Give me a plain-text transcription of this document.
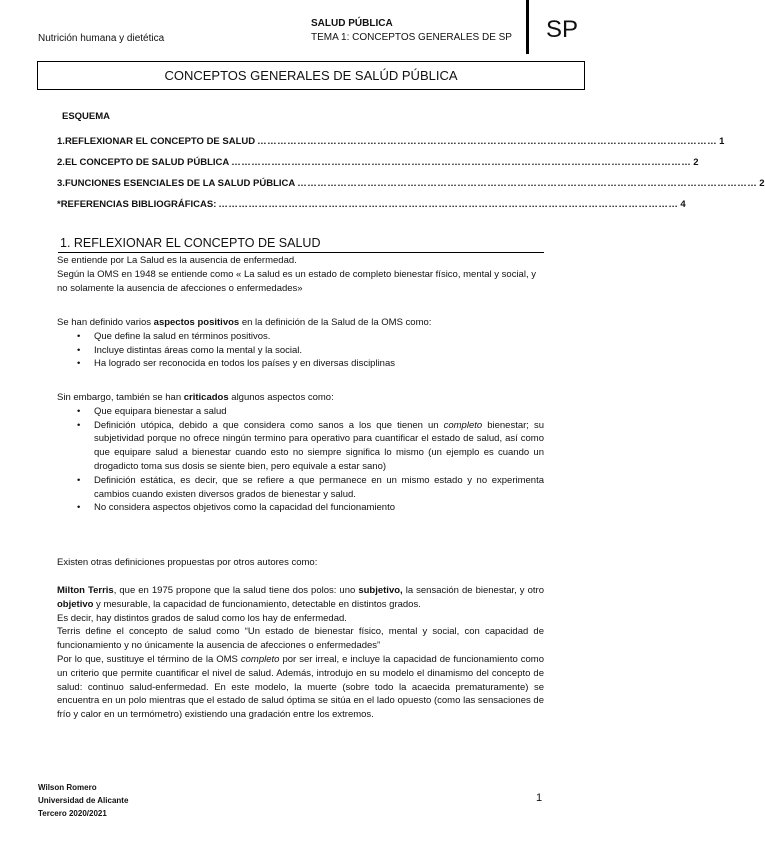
Nutrición humana y dietética
SALUD PÚBLICA
TEMA 1: CONCEPTOS GENERALES DE SP SP
CONCEPTOS GENERALES DE SALÚD PÚBLICA
ESQUEMA
1. REFLEXIONAR EL CONCEPTO DE SALUD ………………………………………………………………………………………………………………………… 1
2. EL CONCEPTO DE SALUD PÚBLICA ………………………………………………………………………………………………………………………… 2
3. FUNCIONES ESENCIALES DE LA SALUD PÚBLICA ………………………………………………………………………………………………………………………… 2
*REFERENCIAS BIBLIOGRÁFICAS: ………………………………………………………………………………………………………………………… 4
1. REFLEXIONAR EL CONCEPTO DE SALUD
Se entiende por La Salud es la ausencia de enfermedad.
Según la OMS en 1948 se entiende como « La salud es un estado de completo bienestar físico, mental y social, y no solamente la ausencia de afecciones o enfermedades»
Se han definido varios aspectos positivos en la definición de la Salud de la OMS como:
• Que define la salud en términos positivos.
• Incluye distintas áreas como la mental y la social.
• Ha logrado ser reconocida en todos los países y en diversas disciplinas
Sin embargo, también se han criticados algunos aspectos como:
• Que equipara bienestar a salud
• Definición utópica, debido a que considera como sanos a los que tienen un completo bienestar; su subjetividad porque no ofrece ningún termino para operativo para cuantificar el estado de salud, así como que equipare salud a bienestar cuando esto no siempre significa lo mismo (un ejemplo es cuando un drogadicto toma sus dosis se siente bien, pero equivale a estar sano)
• Definición estática, es decir, que se refiere a que permanece en un mismo estado y no experimenta cambios cuando existen diversos grados de bienestar y salud.
• No considera aspectos objetivos como la capacidad del funcionamiento
Existen otras definiciones propuestas por otros autores como:
Milton Terris, que en 1975 propone que la salud tiene dos polos: uno subjetivo, la sensación de bienestar, y otro objetivo y mesurable, la capacidad de funcionamiento, detectable en distintos grados.
Es decir, hay distintos grados de salud como los hay de enfermedad.
Terris define el concepto de salud como “Un estado de bienestar físico, mental y social, con capacidad de funcionamiento y no únicamente la ausencia de afecciones o enfermedades”
Por lo que, sustituye el término de la OMS completo por ser irreal, e incluye la capacidad de funcionamiento como un criterio que permite cuantificar el nivel de salud. Además, introdujo en su modelo el dinamismo del concepto de salud: continuo salud-enfermedad. En este modelo, la muerte (sobre todo la acaecida prematuramente) se encuentra en un polo mientras que el estado de salud óptima se sitúa en el lado opuesto (como las sensaciones de frío y calor en un termómetro) existiendo una gradación entre los extremos.
Wilson Romero
Universidad de Alicante
Tercero 2020/2021
1
